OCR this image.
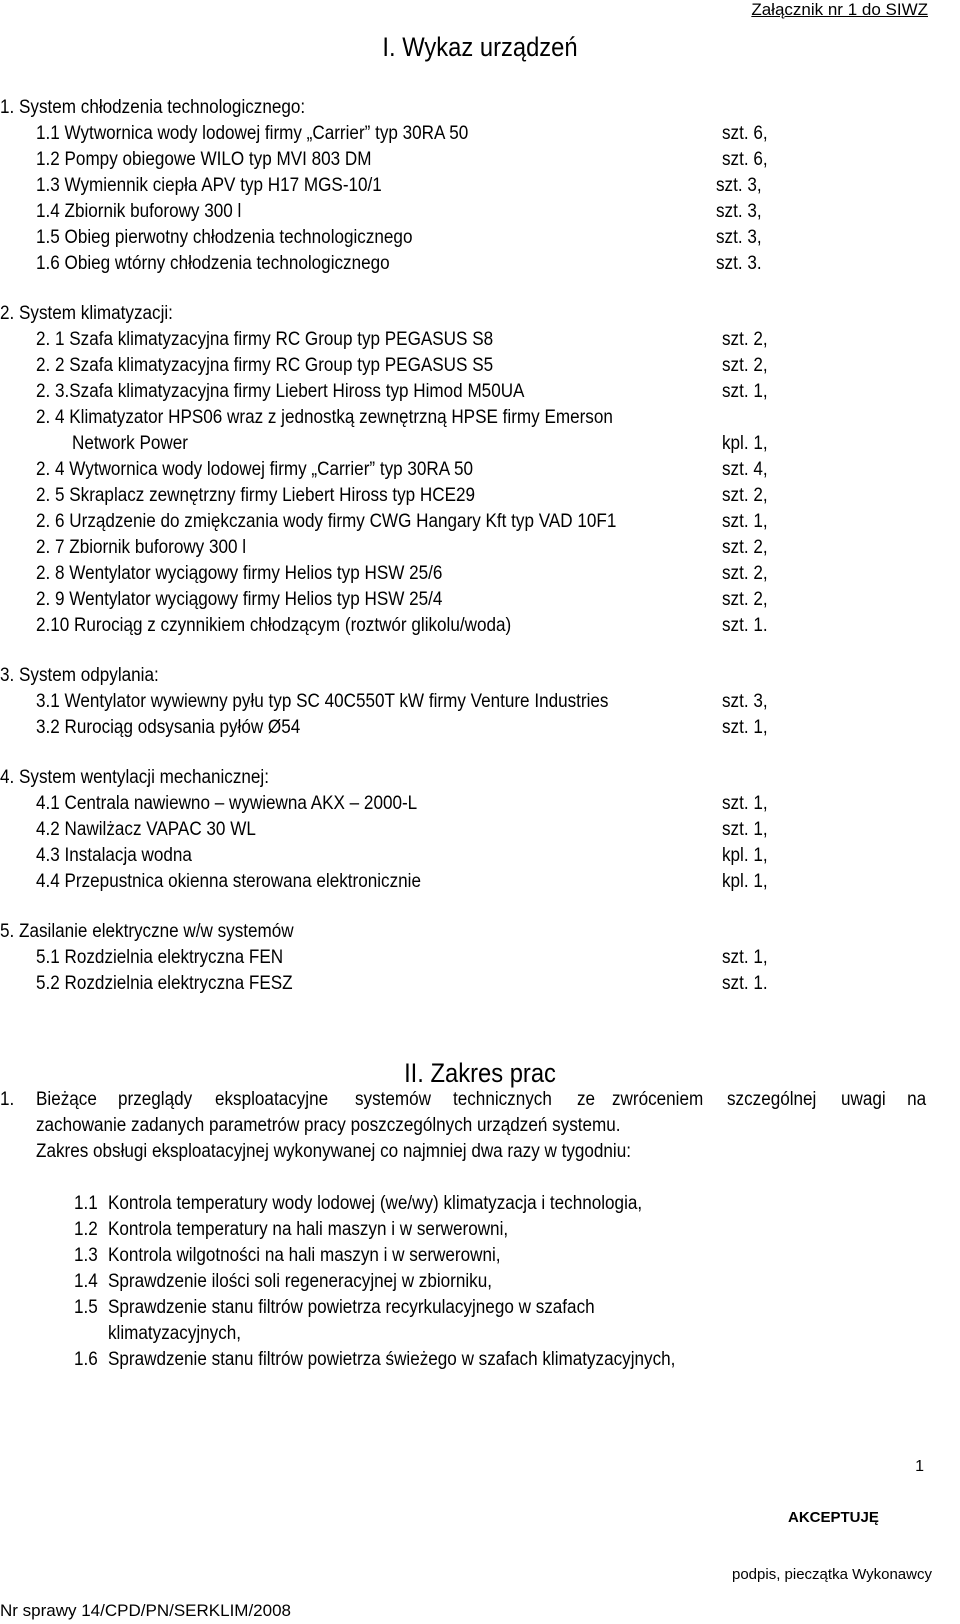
Załącznik nr 1 do SIWZ
I. Wykaz urządzeń
1. System chłodzenia technologicznego:
1.1 Wytwornica wody lodowej firmy „Carrier” typ 30RA 50	szt. 6,
1.2 Pompy obiegowe WILO typ MVI 803 DM	szt. 6,
1.3 Wymiennik ciepła APV typ H17 MGS-10/1	szt. 3,
1.4 Zbiornik buforowy 300 l	szt. 3,
1.5 Obieg pierwotny chłodzenia technologicznego	szt. 3,
1.6 Obieg wtórny chłodzenia technologicznego	szt. 3.
2. System klimatyzacji:
2. 1 Szafa klimatyzacyjna firmy RC Group typ PEGASUS S8	szt. 2,
2. 2 Szafa klimatyzacyjna firmy RC Group typ PEGASUS S5	szt. 2,
2. 3.Szafa klimatyzacyjna firmy Liebert Hiross typ Himod M50UA	szt. 1,
2. 4 Klimatyzator HPS06 wraz z jednostką zewnętrzną HPSE firmy Emerson
Network Power	kpl. 1,
2. 4 Wytwornica wody lodowej firmy „Carrier” typ 30RA 50	szt. 4,
2. 5 Skraplacz zewnętrzny firmy Liebert Hiross typ HCE29	szt. 2,
2. 6 Urządzenie do zmiękczania wody firmy CWG Hangary Kft typ VAD 10F1	szt. 1,
2. 7 Zbiornik buforowy 300 l	szt. 2,
2. 8 Wentylator wyciągowy firmy Helios typ HSW 25/6	szt. 2,
2. 9 Wentylator wyciągowy firmy Helios typ HSW 25/4	szt. 2,
2.10 Rurociąg z czynnikiem chłodzącym (roztwór glikolu/woda)	szt. 1.
3. System odpylania:
3.1 Wentylator wywiewny pyłu typ SC 40C550T kW firmy Venture Industries	szt. 3,
3.2 Rurociąg odsysania pyłów Ø54	szt. 1,
4. System wentylacji mechanicznej:
4.1 Centrala nawiewno – wywiewna AKX – 2000-L	szt. 1,
4.2 Nawilżacz VAPAC 30 WL	szt. 1,
4.3 Instalacja wodna	kpl. 1,
4.4 Przepustnica okienna sterowana elektronicznie	kpl. 1,
5. Zasilanie elektryczne w/w systemów
5.1 Rozdzielnia elektryczna FEN	szt. 1,
5.2 Rozdzielnia elektryczna FESZ	szt. 1.
II. Zakres prac
1. Bieżące przeglądy eksploatacyjne systemów technicznych ze zwróceniem szczególnej uwagi na
zachowanie zadanych parametrów pracy poszczególnych urządzeń systemu.
Zakres obsługi eksploatacyjnej wykonywanej co najmniej dwa razy w tygodniu:
1.1 Kontrola temperatury wody lodowej (we/wy) klimatyzacja i technologia,
1.2 Kontrola temperatury na hali maszyn i w serwerowni,
1.3 Kontrola wilgotności na hali maszyn i w serwerowni,
1.4 Sprawdzenie ilości soli regeneracyjnej w zbiorniku,
1.5 Sprawdzenie stanu filtrów powietrza recyrkulacyjnego w szafach
klimatyzacyjnych,
1.6 Sprawdzenie stanu filtrów powietrza świeżego w szafach klimatyzacyjnych,
1
AKCEPTUJĘ
podpis, pieczątka Wykonawcy
Nr sprawy 14/CPD/PN/SERKLIM/2008
